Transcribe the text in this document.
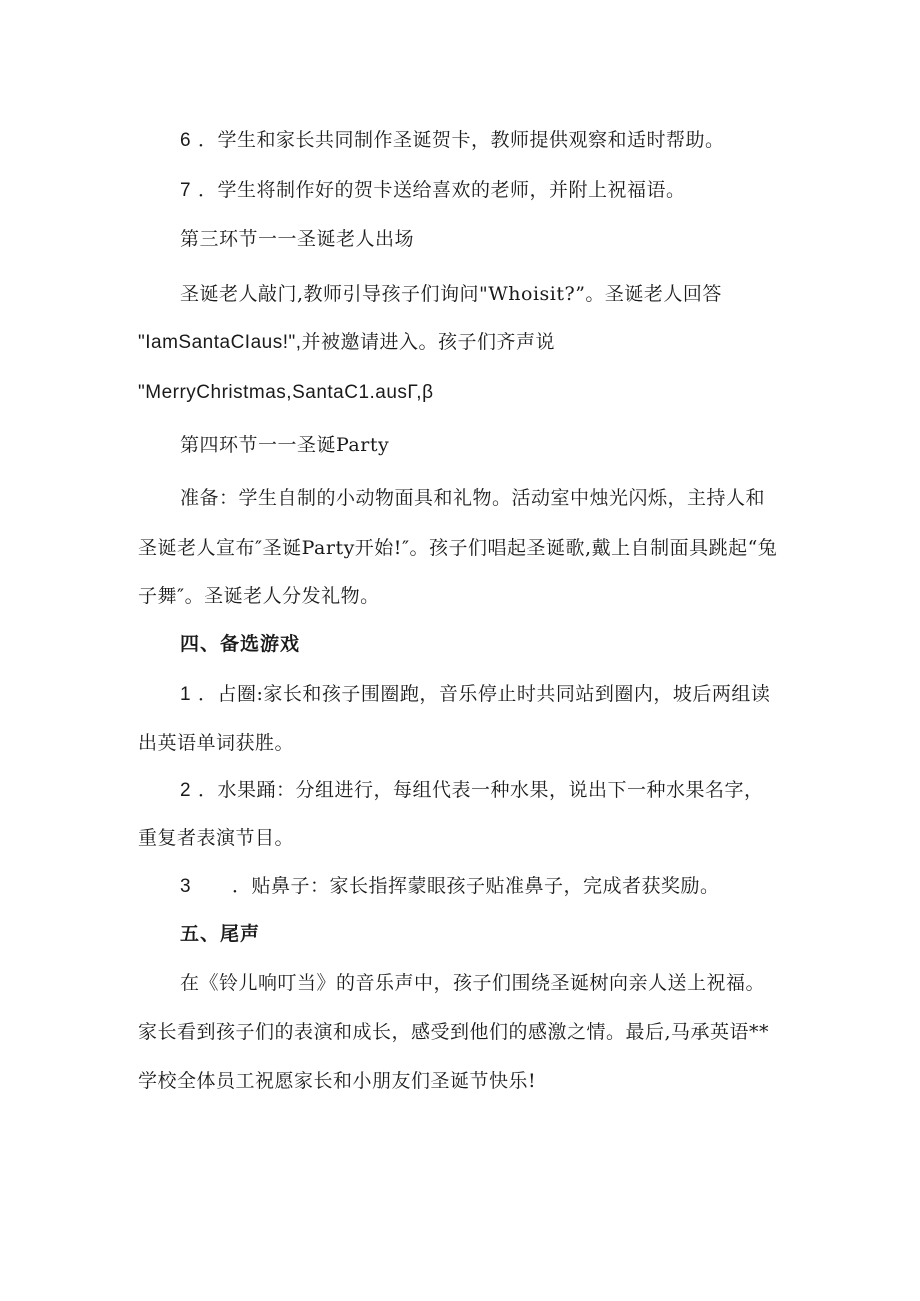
6 ．学生和家长共同制作圣诞贺卡，教师提供观察和适时帮助。
7 ．学生将制作好的贺卡送给喜欢的老师，并附上祝福语。
第三环节一一圣诞老人出场
圣诞老人敲门,教师引导孩子们询问"Whoisit?”。圣诞老人回答
"IamSantaCIaus!",并被邀请进入。孩子们齐声说
"MerryChristmas,SantaC1.ausΓ,β
第四环节一一圣诞Party
准备：学生自制的小动物面具和礼物。活动室中烛光闪烁，主持人和
圣诞老人宣布″圣诞Party开始!″。孩子们唱起圣诞歌,戴上自制面具跳起“兔
子舞″。圣诞老人分发礼物。
四、备选游戏
1 ．占圈:家长和孩子围圈跑，音乐停止时共同站到圈内，坡后两组读
出英语单词获胜。
2 ．水果踊：分组进行，每组代表一种水果，说出下一种水果名字，
重复者表演节目。
3 ．贴鼻子：家长指挥蒙眼孩子贴准鼻子，完成者获奖励。
五、尾声
在《铃儿响叮当》的音乐声中，孩子们围绕圣诞树向亲人送上祝福。
家长看到孩子们的表演和成长，感受到他们的感激之情。最后,马承英语**
学校全体员工祝愿家长和小朋友们圣诞节快乐!
